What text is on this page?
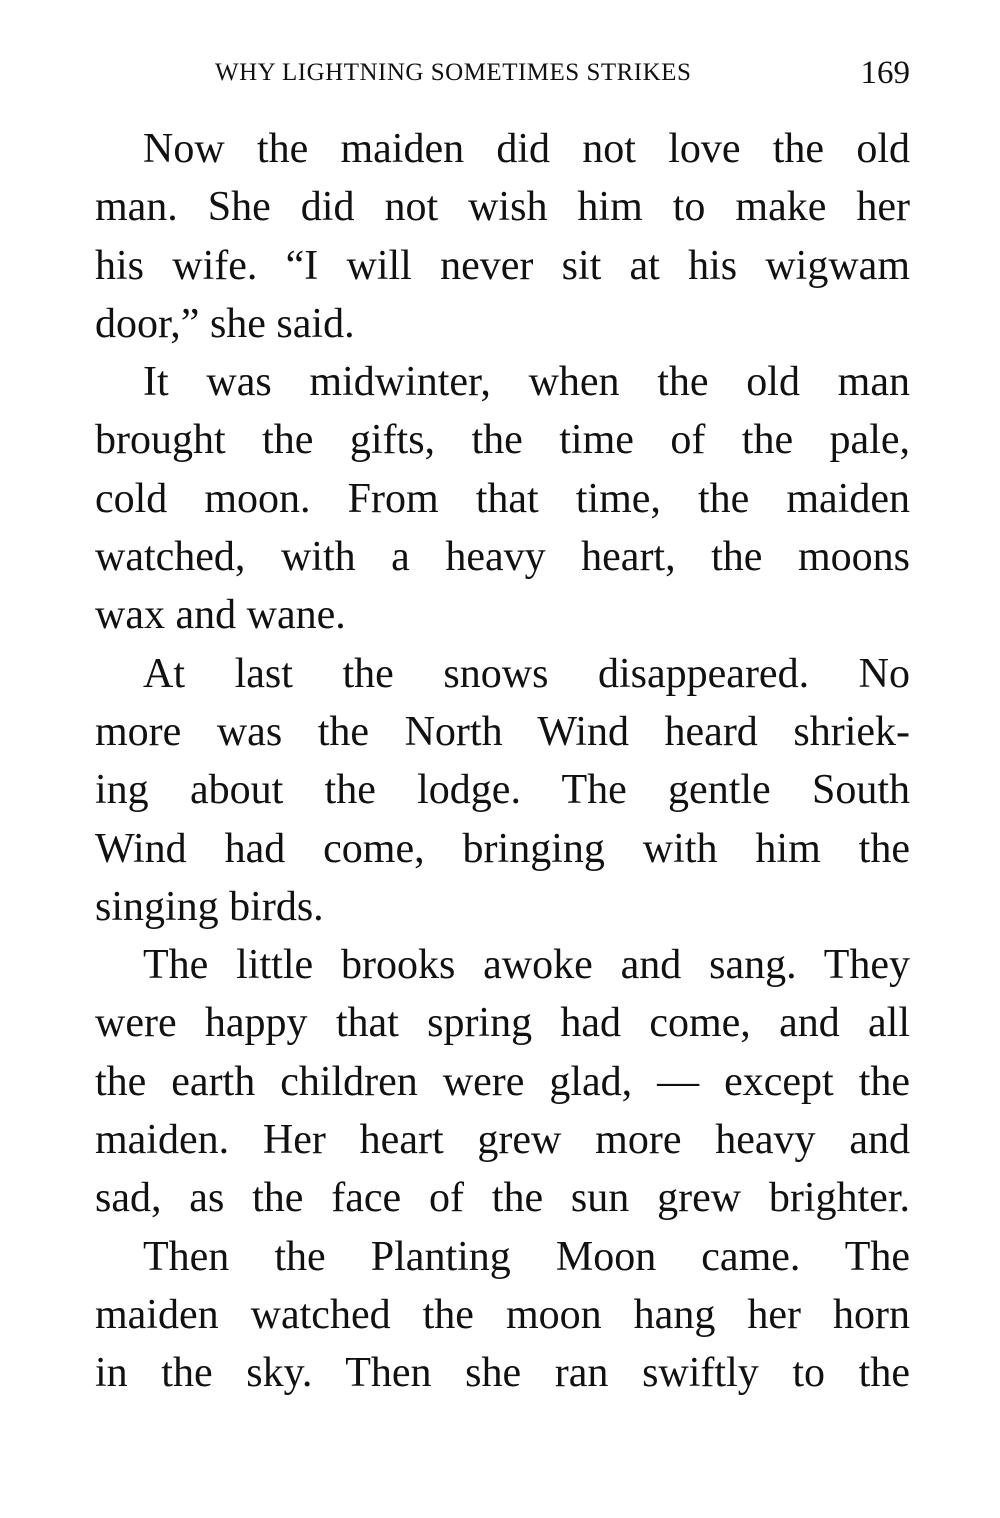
WHY LIGHTNING SOMETIMES STRIKES	169
Now the maiden did not love the old
man. She did not wish him to make her
his wife. “I will never sit at his wigwam
door,” she said.
It was midwinter, when the old man
brought the gifts, the time of the pale,
cold moon. From that time, the maiden
watched, with a heavy heart, the moons
wax and wane.
At last the snows disappeared. No
more was the North Wind heard shriek-
ing about the lodge. The gentle South
Wind had come, bringing with him the
singing birds.
The little brooks awoke and sang. They
were happy that spring had come, and all
the earth children were glad, — except the
maiden. Her heart grew more heavy and
sad, as the face of the sun grew brighter.
Then the Planting Moon came. The
maiden watched the moon hang her horn
in the sky. Then she ran swiftly to the
